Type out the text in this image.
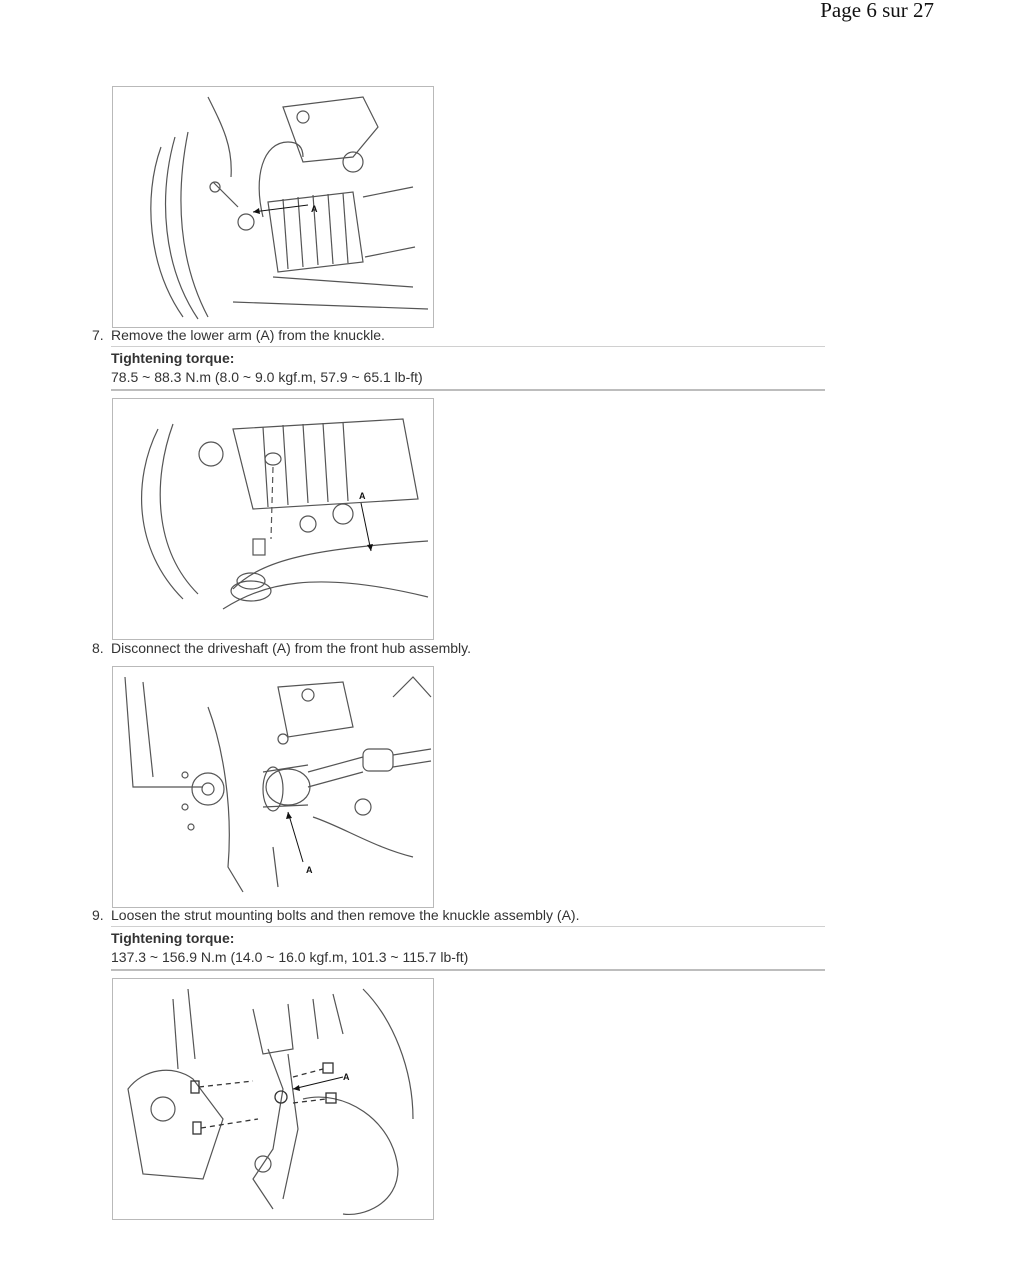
Page 6 sur 27
A
7. Remove the lower arm (A) from the knuckle.
Tightening torque:
78.5 ~ 88.3 N.m (8.0 ~ 9.0 kgf.m, 57.9 ~ 65.1 lb-ft)
A
8. Disconnect the driveshaft (A) from the front hub assembly.
A
9. Loosen the strut mounting bolts and then remove the knuckle assembly (A).
Tightening torque:
137.3 ~ 156.9 N.m (14.0 ~ 16.0 kgf.m, 101.3 ~ 115.7 lb-ft)
A
